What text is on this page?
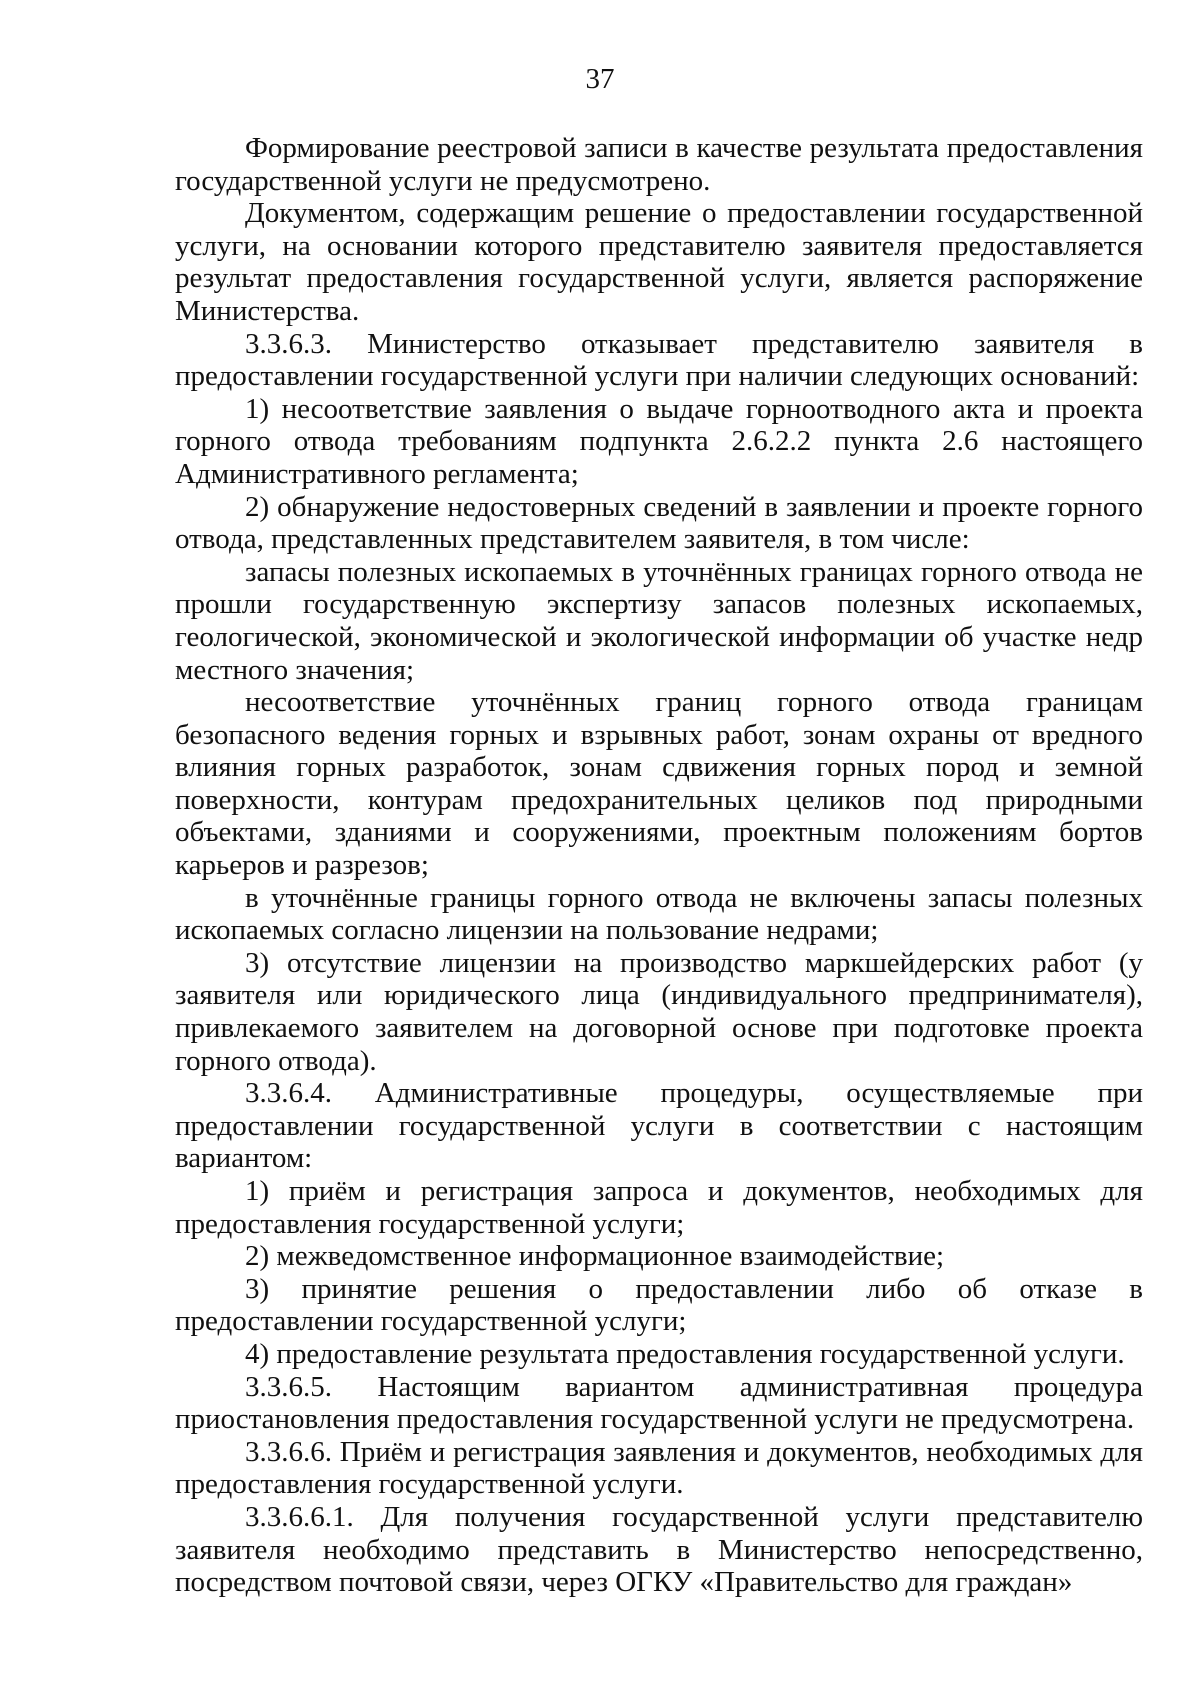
37

Формирование реестровой записи в качестве результата предоставления государственной услуги не предусмотрено.

Документом, содержащим решение о предоставлении государственной услуги, на основании которого представителю заявителя предоставляется результат предоставления государственной услуги, является распоряжение Министерства.

3.3.6.3. Министерство отказывает представителю заявителя в предоставлении государственной услуги при наличии следующих оснований:

1) несоответствие заявления о выдаче горноотводного акта и проекта горного отвода требованиям подпункта 2.6.2.2 пункта 2.6 настоящего Административного регламента;

2) обнаружение недостоверных сведений в заявлении и проекте горного отвода, представленных представителем заявителя, в том числе:

запасы полезных ископаемых в уточнённых границах горного отвода не прошли государственную экспертизу запасов полезных ископаемых, геологической, экономической и экологической информации об участке недр местного значения;

несоответствие уточнённых границ горного отвода границам безопасного ведения горных и взрывных работ, зонам охраны от вредного влияния горных разработок, зонам сдвижения горных пород и земной поверхности, контурам предохранительных целиков под природными объектами, зданиями и сооружениями, проектным положениям бортов карьеров и разрезов;

в уточнённые границы горного отвода не включены запасы полезных ископаемых согласно лицензии на пользование недрами;

3) отсутствие лицензии на производство маркшейдерских работ (у заявителя или юридического лица (индивидуального предпринимателя), привлекаемого заявителем на договорной основе при подготовке проекта горного отвода).

3.3.6.4. Административные процедуры, осуществляемые при предоставлении государственной услуги в соответствии с настоящим вариантом:

1) приём и регистрация запроса и документов, необходимых для предоставления государственной услуги;

2) межведомственное информационное взаимодействие;

3) принятие решения о предоставлении либо об отказе в предоставлении государственной услуги;

4) предоставление результата предоставления государственной услуги.

3.3.6.5. Настоящим вариантом административная процедура приостановления предоставления государственной услуги не предусмотрена.

3.3.6.6. Приём и регистрация заявления и документов, необходимых для предоставления государственной услуги.

3.3.6.6.1. Для получения государственной услуги представителю заявителя необходимо представить в Министерство непосредственно, посредством почтовой связи, через ОГКУ «Правительство для граждан»
